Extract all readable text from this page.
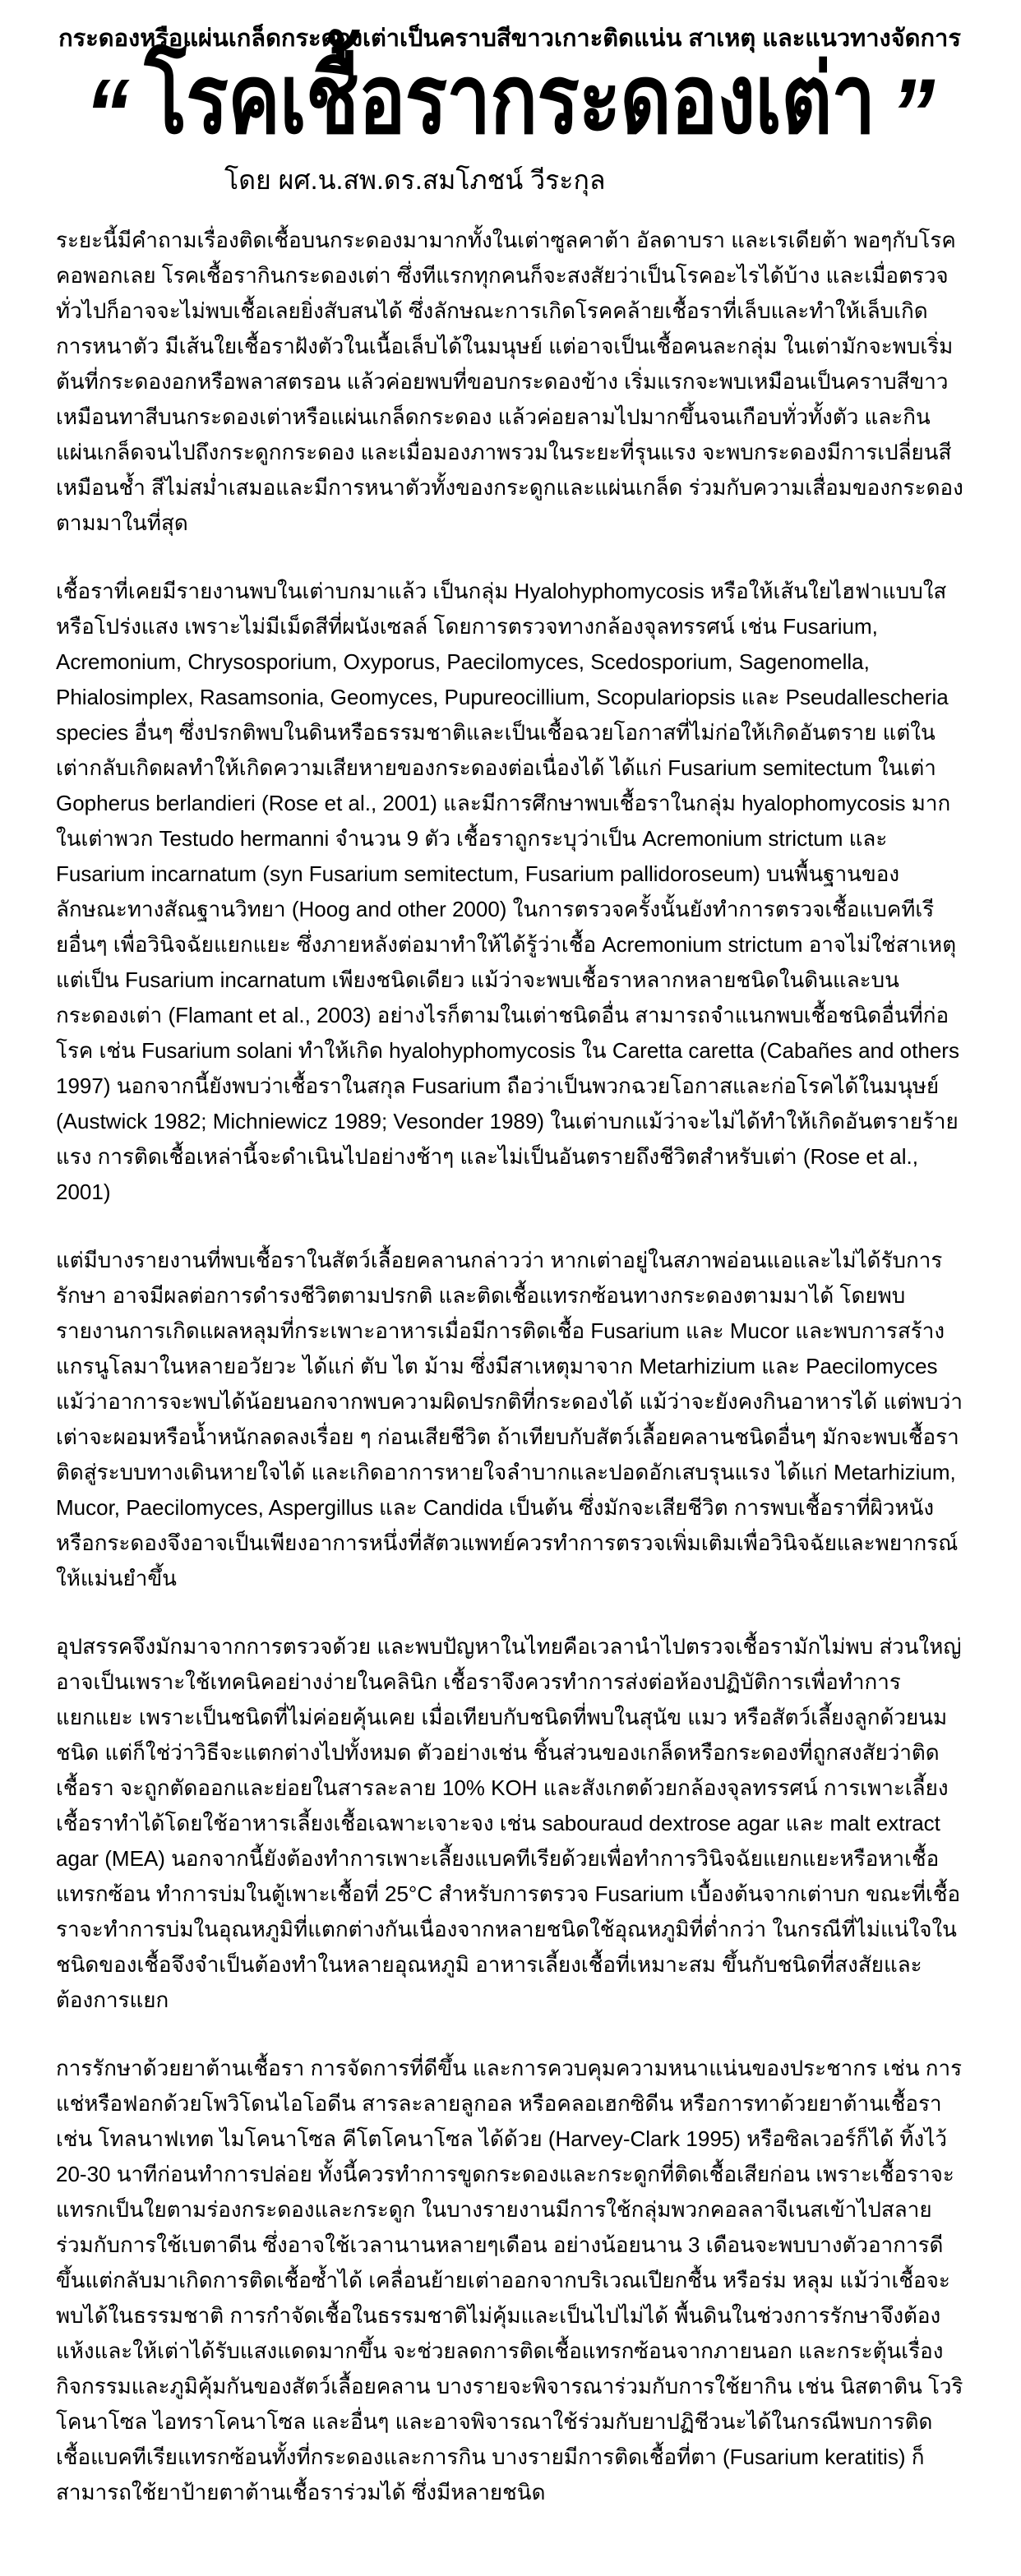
กระดองหรือแผ่นเกล็ดกระดองเต่าเป็นคราบสีขาวเกาะติดแน่น สาเหตุ และแนวทางจัดการ
“ โรคเชื้อรากระดองเต่า ”
โดย ผศ.น.สพ.ดร.สมโภชน์ วีระกุล

ระยะนี้มีคำถามเรื่องติดเชื้อบนกระดองมามากทั้งในเต่าซูลคาต้า อัลดาบรา และเรเดียต้า พอๆกับโรคคอพอกเลย โรคเชื้อรากินกระดองเต่า ซึ่งทีแรกทุกคนก็จะสงสัยว่าเป็นโรคอะไรได้บ้าง และเมื่อตรวจทั่วไปก็อาจจะไม่พบเชื้อเลยยิ่งสับสนได้ ซึ่งลักษณะการเกิดโรคคล้ายเชื้อราที่เล็บและทำให้เล็บเกิดการหนาตัว มีเส้นใยเชื้อราฝังตัวในเนื้อเล็บได้ในมนุษย์ แต่อาจเป็นเชื้อคนละกลุ่ม ในเต่ามักจะพบเริ่มต้นที่กระดองอกหรือพลาสตรอน แล้วค่อยพบที่ขอบกระดองข้าง เริ่มแรกจะพบเหมือนเป็นคราบสีขาวเหมือนทาสีบนกระดองเต่าหรือแผ่นเกล็ดกระดอง แล้วค่อยลามไปมากขึ้นจนเกือบทั่วทั้งตัว และกินแผ่นเกล็ดจนไปถึงกระดูกกระดอง และเมื่อมองภาพรวมในระยะที่รุนแรง จะพบกระดองมีการเปลี่ยนสีเหมือนช้ำ สีไม่สม่ำเสมอและมีการหนาตัวทั้งของกระดูกและแผ่นเกล็ด ร่วมกับความเสื่อมของกระดองตามมาในที่สุด

เชื้อราที่เคยมีรายงานพบในเต่าบกมาแล้ว เป็นกลุ่ม Hyalohyphomycosis หรือให้เส้นใยไฮฟาแบบใสหรือโปร่งแสง เพราะไม่มีเม็ดสีที่ผนังเซลล์ โดยการตรวจทางกล้องจุลทรรศน์ เช่น Fusarium, Acremonium, Chrysosporium, Oxyporus, Paecilomyces, Scedosporium, Sagenomella, Phialosimplex, Rasamsonia, Geomyces, Pupureocillium, Scopulariopsis และ Pseudallescheria species อื่นๆ ซึ่งปรกติพบในดินหรือธรรมชาติและเป็นเชื้อฉวยโอกาสที่ไม่ก่อให้เกิดอันตราย แต่ในเต่ากลับเกิดผลทำให้เกิดความเสียหายของกระดองต่อเนื่องได้ ได้แก่ Fusarium semitectum ในเต่า Gopherus berlandieri (Rose et al., 2001) และมีการศึกษาพบเชื้อราในกลุ่ม hyalophomycosis มากในเต่าพวก Testudo hermanni จำนวน 9 ตัว เชื้อราถูกระบุว่าเป็น Acremonium strictum และ Fusarium incarnatum (syn Fusarium semitectum, Fusarium pallidoroseum) บนพื้นฐานของลักษณะทางสัณฐานวิทยา (Hoog and other 2000) ในการตรวจครั้งนั้นยังทำการตรวจเชื้อแบคทีเรียอื่นๆ เพื่อวินิจฉัยแยกแยะ ซึ่งภายหลังต่อมาทำให้ได้รู้ว่าเชื้อ Acremonium strictum อาจไม่ใช่สาเหตุ แต่เป็น Fusarium incarnatum เพียงชนิดเดียว แม้ว่าจะพบเชื้อราหลากหลายชนิดในดินและบนกระดองเต่า (Flamant et al., 2003) อย่างไรก็ตามในเต่าชนิดอื่น สามารถจำแนกพบเชื้อชนิดอื่นที่ก่อโรค เช่น Fusarium solani ทำให้เกิด hyalohyphomycosis ใน Caretta caretta (Cabañes and others 1997) นอกจากนี้ยังพบว่าเชื้อราในสกุล Fusarium ถือว่าเป็นพวกฉวยโอกาสและก่อโรคได้ในมนุษย์ (Austwick 1982; Michniewicz 1989; Vesonder 1989) ในเต่าบกแม้ว่าจะไม่ได้ทำให้เกิดอันตรายร้ายแรง การติดเชื้อเหล่านี้จะดำเนินไปอย่างช้าๆ และไม่เป็นอันตรายถึงชีวิตสำหรับเต่า (Rose et al., 2001)

แต่มีบางรายงานที่พบเชื้อราในสัตว์เลื้อยคลานกล่าวว่า หากเต่าอยู่ในสภาพอ่อนแอและไม่ได้รับการรักษา อาจมีผลต่อการดำรงชีวิตตามปรกติ และติดเชื้อแทรกซ้อนทางกระดองตามมาได้ โดยพบรายงานการเกิดแผลหลุมที่กระเพาะอาหารเมื่อมีการติดเชื้อ Fusarium และ Mucor และพบการสร้างแกรนูโลมาในหลายอวัยวะ ได้แก่ ตับ ไต ม้าม ซึ่งมีสาเหตุมาจาก Metarhizium และ Paecilomyces แม้ว่าอาการจะพบได้น้อยนอกจากพบความผิดปรกติที่กระดองได้ แม้ว่าจะยังคงกินอาหารได้ แต่พบว่าเต่าจะผอมหรือน้ำหนักลดลงเรื่อย ๆ ก่อนเสียชีวิต ถ้าเทียบกับสัตว์เลื้อยคลานชนิดอื่นๆ มักจะพบเชื้อราติดสู่ระบบทางเดินหายใจได้ และเกิดอาการหายใจลำบากและปอดอักเสบรุนแรง ได้แก่ Metarhizium, Mucor, Paecilomyces, Aspergillus และ Candida เป็นต้น ซึ่งมักจะเสียชีวิต การพบเชื้อราที่ผิวหนังหรือกระดองจึงอาจเป็นเพียงอาการหนึ่งที่สัตวแพทย์ควรทำการตรวจเพิ่มเติมเพื่อวินิจฉัยและพยากรณ์ให้แม่นยำขึ้น

อุปสรรคจึงมักมาจากการตรวจด้วย และพบปัญหาในไทยคือเวลานำไปตรวจเชื้อรามักไม่พบ ส่วนใหญ่อาจเป็นเพราะใช้เทคนิคอย่างง่ายในคลินิก เชื้อราจึงควรทำการส่งต่อห้องปฏิบัติการเพื่อทำการแยกแยะ เพราะเป็นชนิดที่ไม่ค่อยคุ้นเคย เมื่อเทียบกับชนิดที่พบในสุนัข แมว หรือสัตว์เลี้ยงลูกด้วยนมชนิด แต่ก็ใช่ว่าวิธีจะแตกต่างไปทั้งหมด ตัวอย่างเช่น ชิ้นส่วนของเกล็ดหรือกระดองที่ถูกสงสัยว่าติดเชื้อรา จะถูกตัดออกและย่อยในสารละลาย 10% KOH และสังเกตด้วยกล้องจุลทรรศน์ การเพาะเลี้ยงเชื้อราทำได้โดยใช้อาหารเลี้ยงเชื้อเฉพาะเจาะจง เช่น sabouraud dextrose agar และ malt extract agar (MEA) นอกจากนี้ยังต้องทำการเพาะเลี้ยงแบคทีเรียด้วยเพื่อทำการวินิจฉัยแยกแยะหรือหาเชื้อแทรกซ้อน ทำการบ่มในตู้เพาะเชื้อที่ 25°C สำหรับการตรวจ Fusarium เบื้องต้นจากเต่าบก ขณะที่เชื้อราจะทำการบ่มในอุณหภูมิที่แตกต่างกันเนื่องจากหลายชนิดใช้อุณหภูมิที่ต่ำกว่า ในกรณีที่ไม่แน่ใจในชนิดของเชื้อจึงจำเป็นต้องทำในหลายอุณหภูมิ อาหารเลี้ยงเชื้อที่เหมาะสม ขึ้นกับชนิดที่สงสัยและต้องการแยก

การรักษาด้วยยาต้านเชื้อรา การจัดการที่ดีขึ้น และการควบคุมความหนาแน่นของประชากร เช่น การแช่หรือฟอกด้วยโพวิโดนไอโอดีน สารละลายลูกอล หรือคลอเฮกซิดีน หรือการทาด้วยยาต้านเชื้อรา เช่น โทลนาฟเทต ไมโคนาโซล คีโตโคนาโซล ได้ด้วย (Harvey-Clark 1995) หรือซิลเวอร์ก็ได้ ทิ้งไว้ 20-30 นาทีก่อนทำการปล่อย ทั้งนี้ควรทำการขูดกระดองและกระดูกที่ติดเชื้อเสียก่อน เพราะเชื้อราจะแทรกเป็นใยตามร่องกระดองและกระดูก ในบางรายงานมีการใช้กลุ่มพวกคอลลาจีเนสเข้าไปสลายร่วมกับการใช้เบตาดีน ซึ่งอาจใช้เวลานานหลายๆเดือน อย่างน้อยนาน 3 เดือนจะพบบางตัวอาการดีขึ้นแต่กลับมาเกิดการติดเชื้อซ้ำได้ เคลื่อนย้ายเต่าออกจากบริเวณเปียกชื้น หรือร่ม หลุม แม้ว่าเชื้อจะพบได้ในธรรมชาติ การกำจัดเชื้อในธรรมชาติไม่คุ้มและเป็นไปไม่ได้ พื้นดินในช่วงการรักษาจึงต้องแห้งและให้เต่าได้รับแสงแดดมากขึ้น จะช่วยลดการติดเชื้อแทรกซ้อนจากภายนอก และกระตุ้นเรื่องกิจกรรมและภูมิคุ้มกันของสัตว์เลื้อยคลาน บางรายจะพิจารณาร่วมกับการใช้ยากิน เช่น นิสตาติน โวริโคนาโซล ไอทราโคนาโซล และอื่นๆ และอาจพิจารณาใช้ร่วมกับยาปฏิชีวนะได้ในกรณีพบการติดเชื้อแบคทีเรียแทรกซ้อนทั้งที่กระดองและการกิน บางรายมีการติดเชื้อที่ตา (Fusarium keratitis) ก็สามารถใช้ยาป้ายตาต้านเชื้อราร่วมได้ ซึ่งมีหลายชนิด
